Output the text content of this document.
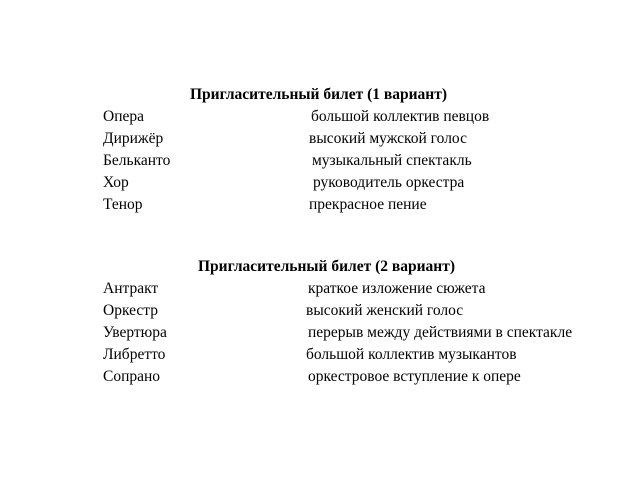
Пригласительный билет (1 вариант)
Опера	большой коллектив певцов
Дирижёр	высокий мужской голос
Бельканто	музыкальный спектакль
Хор	руководитель оркестра
Тенор	прекрасное пение
Пригласительный билет (2 вариант)
Антракт	краткое изложение сюжета
Оркестр	высокий женский голос
Увертюра	перерыв между действиями в спектакле
Либретто	большой коллектив музыкантов
Сопрано	оркестровое вступление к опере
